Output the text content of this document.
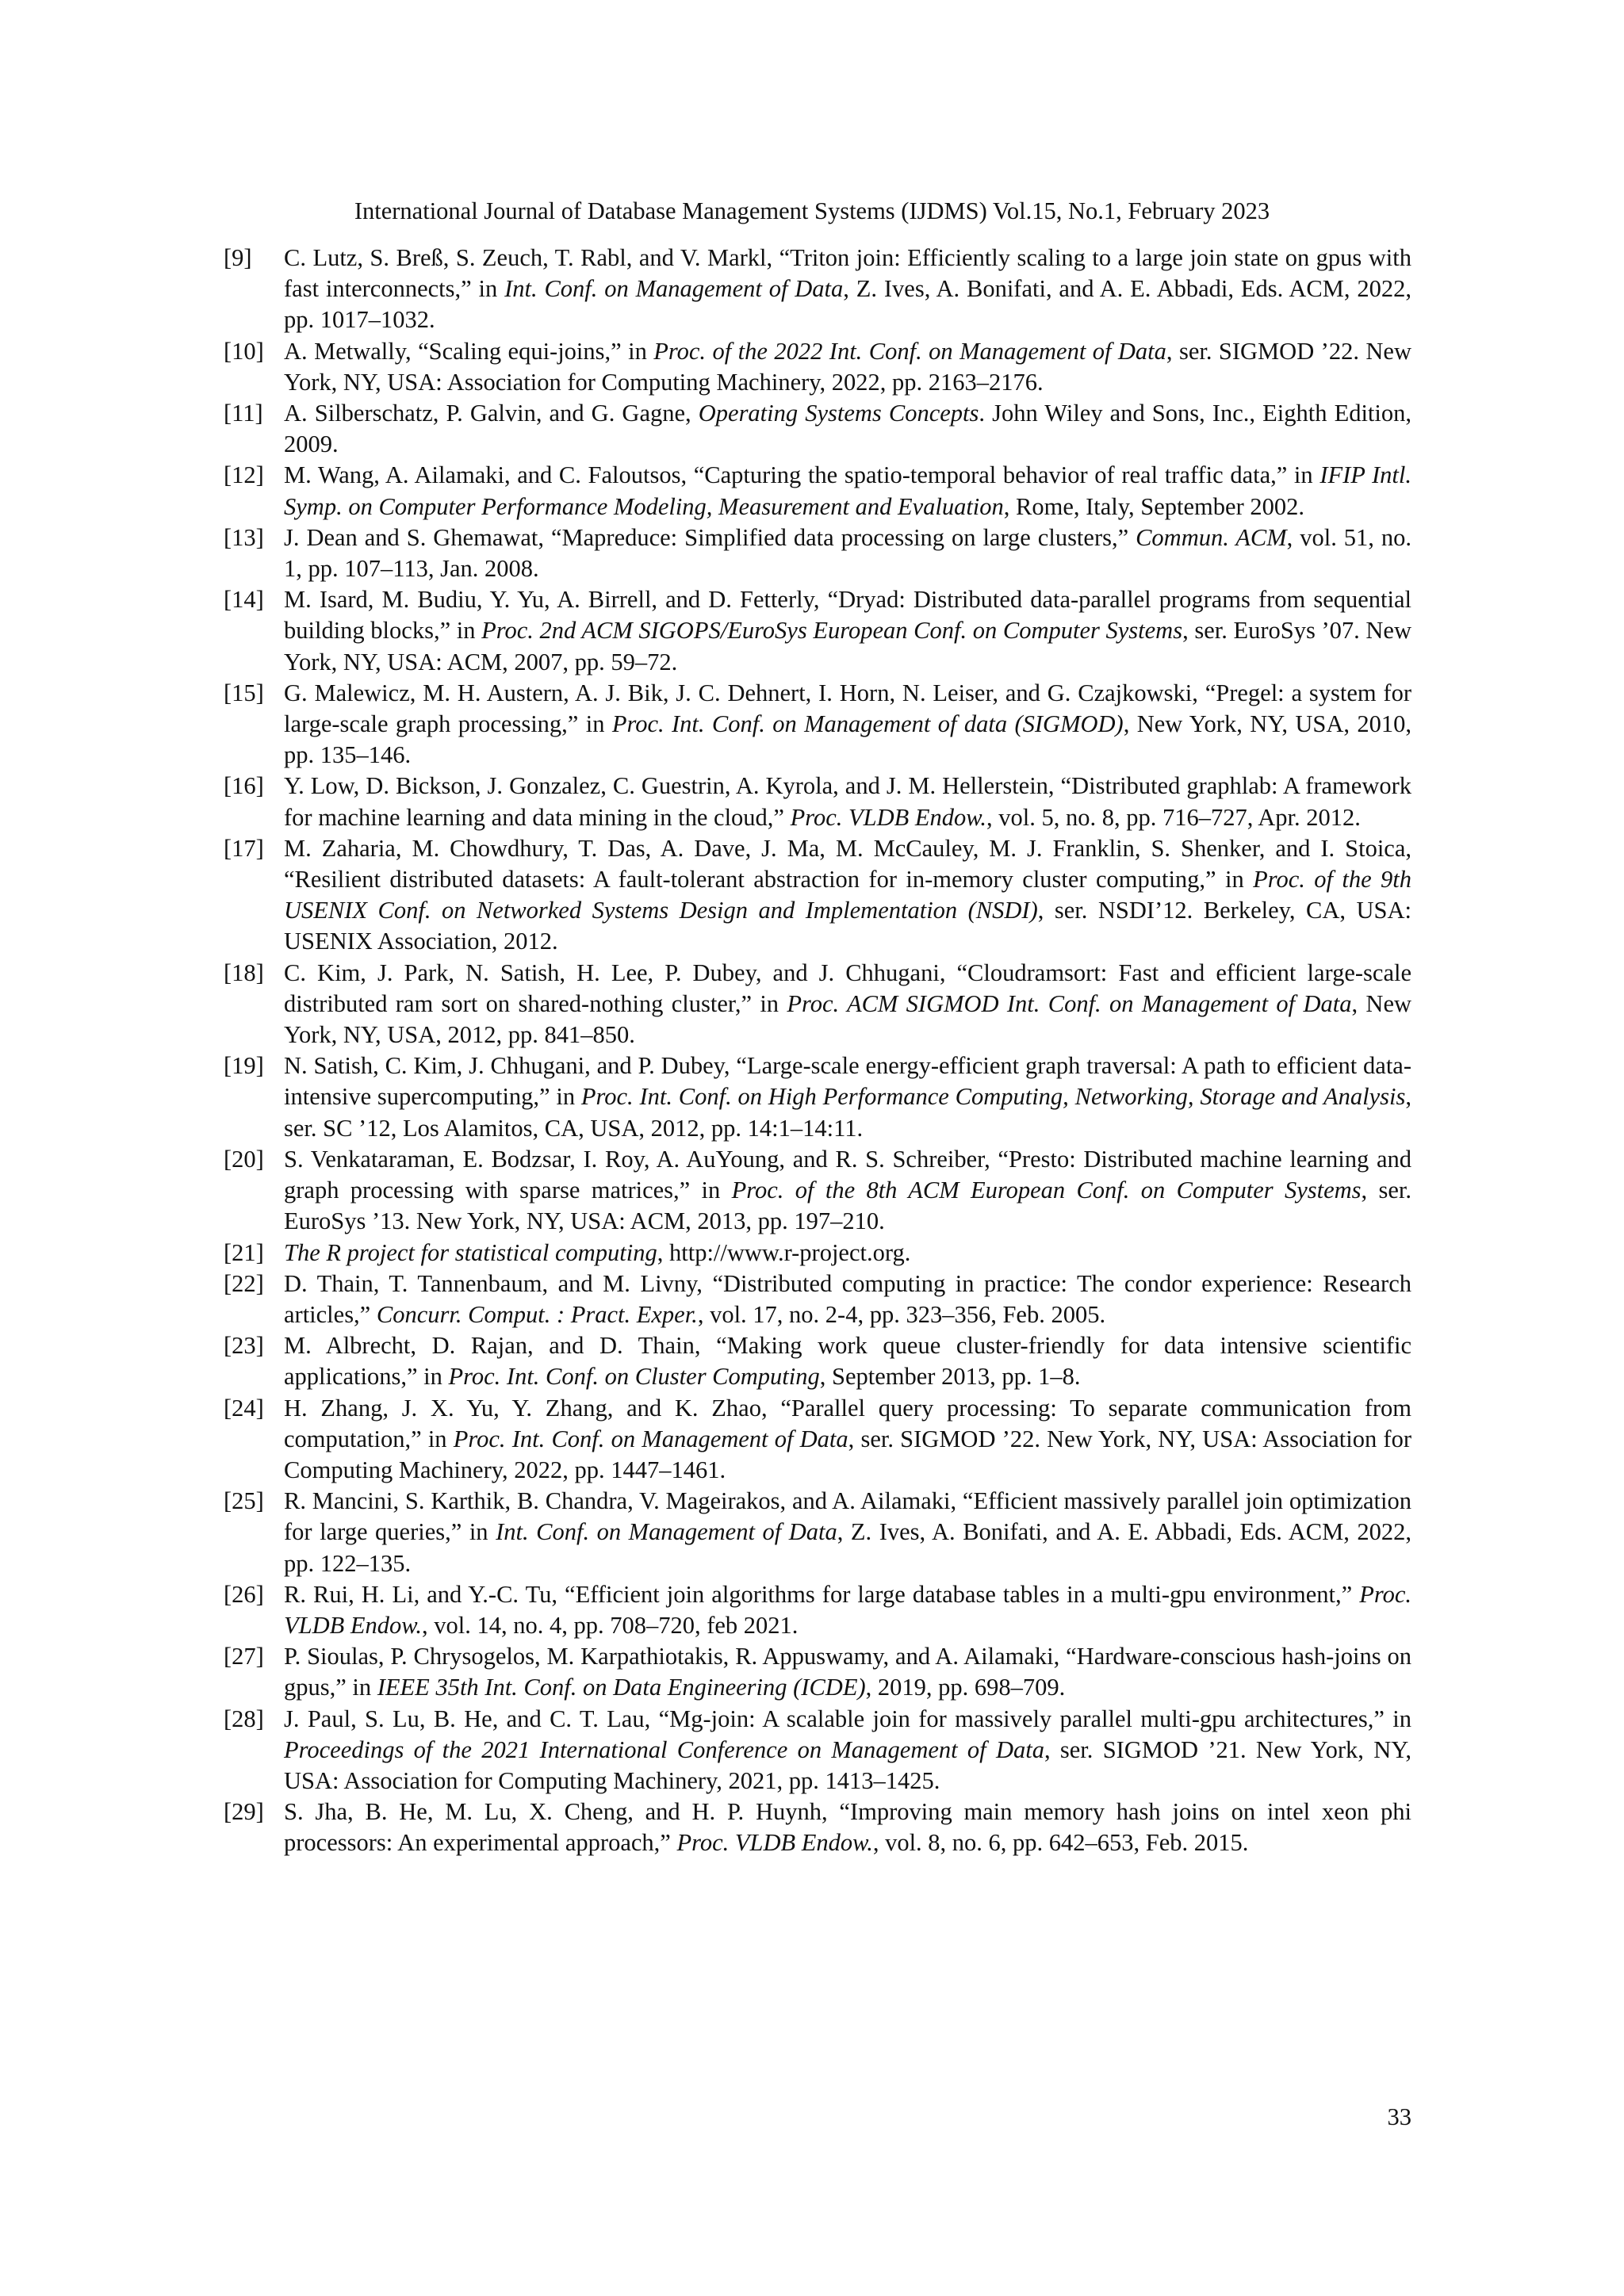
International Journal of Database Management Systems (IJDMS) Vol.15, No.1, February 2023
[9] C. Lutz, S. Breß, S. Zeuch, T. Rabl, and V. Markl, “Triton join: Efficiently scaling to a large join state on gpus with fast interconnects,” in Int. Conf. on Management of Data, Z. Ives, A. Bonifati, and A. E. Abbadi, Eds. ACM, 2022, pp. 1017–1032.
[10] A. Metwally, “Scaling equi-joins,” in Proc. of the 2022 Int. Conf. on Management of Data, ser. SIGMOD ’22. New York, NY, USA: Association for Computing Machinery, 2022, pp. 2163–2176.
[11] A. Silberschatz, P. Galvin, and G. Gagne, Operating Systems Concepts. John Wiley and Sons, Inc., Eighth Edition, 2009.
[12] M. Wang, A. Ailamaki, and C. Faloutsos, “Capturing the spatio-temporal behavior of real traffic data,” in IFIP Intl. Symp. on Computer Performance Modeling, Measurement and Evaluation, Rome, Italy, September 2002.
[13] J. Dean and S. Ghemawat, “Mapreduce: Simplified data processing on large clusters,” Commun. ACM, vol. 51, no. 1, pp. 107–113, Jan. 2008.
[14] M. Isard, M. Budiu, Y. Yu, A. Birrell, and D. Fetterly, “Dryad: Distributed data-parallel programs from sequential building blocks,” in Proc. 2nd ACM SIGOPS/EuroSys European Conf. on Computer Systems, ser. EuroSys ’07. New York, NY, USA: ACM, 2007, pp. 59–72.
[15] G. Malewicz, M. H. Austern, A. J. Bik, J. C. Dehnert, I. Horn, N. Leiser, and G. Czajkowski, “Pregel: a system for large-scale graph processing,” in Proc. Int. Conf. on Management of data (SIGMOD), New York, NY, USA, 2010, pp. 135–146.
[16] Y. Low, D. Bickson, J. Gonzalez, C. Guestrin, A. Kyrola, and J. M. Hellerstein, “Distributed graphlab: A framework for machine learning and data mining in the cloud,” Proc. VLDB Endow., vol. 5, no. 8, pp. 716–727, Apr. 2012.
[17] M. Zaharia, M. Chowdhury, T. Das, A. Dave, J. Ma, M. McCauley, M. J. Franklin, S. Shenker, and I. Stoica, “Resilient distributed datasets: A fault-tolerant abstraction for in-memory cluster computing,” in Proc. of the 9th USENIX Conf. on Networked Systems Design and Implementation (NSDI), ser. NSDI’12. Berkeley, CA, USA: USENIX Association, 2012.
[18] C. Kim, J. Park, N. Satish, H. Lee, P. Dubey, and J. Chhugani, “Cloudramsort: Fast and efficient large-scale distributed ram sort on shared-nothing cluster,” in Proc. ACM SIGMOD Int. Conf. on Management of Data, New York, NY, USA, 2012, pp. 841–850.
[19] N. Satish, C. Kim, J. Chhugani, and P. Dubey, “Large-scale energy-efficient graph traversal: A path to efficient data-intensive supercomputing,” in Proc. Int. Conf. on High Performance Computing, Networking, Storage and Analysis, ser. SC ’12, Los Alamitos, CA, USA, 2012, pp. 14:1–14:11.
[20] S. Venkataraman, E. Bodzsar, I. Roy, A. AuYoung, and R. S. Schreiber, “Presto: Distributed machine learning and graph processing with sparse matrices,” in Proc. of the 8th ACM European Conf. on Computer Systems, ser. EuroSys ’13. New York, NY, USA: ACM, 2013, pp. 197–210.
[21] The R project for statistical computing, http://www.r-project.org.
[22] D. Thain, T. Tannenbaum, and M. Livny, “Distributed computing in practice: The condor experience: Research articles,” Concurr. Comput. : Pract. Exper., vol. 17, no. 2-4, pp. 323–356, Feb. 2005.
[23] M. Albrecht, D. Rajan, and D. Thain, “Making work queue cluster-friendly for data intensive scientific applications,” in Proc. Int. Conf. on Cluster Computing, September 2013, pp. 1–8.
[24] H. Zhang, J. X. Yu, Y. Zhang, and K. Zhao, “Parallel query processing: To separate communication from computation,” in Proc. Int. Conf. on Management of Data, ser. SIGMOD ’22. New York, NY, USA: Association for Computing Machinery, 2022, pp. 1447–1461.
[25] R. Mancini, S. Karthik, B. Chandra, V. Mageirakos, and A. Ailamaki, “Efficient massively parallel join optimization for large queries,” in Int. Conf. on Management of Data, Z. Ives, A. Bonifati, and A. E. Abbadi, Eds. ACM, 2022, pp. 122–135.
[26] R. Rui, H. Li, and Y.-C. Tu, “Efficient join algorithms for large database tables in a multi-gpu environment,” Proc. VLDB Endow., vol. 14, no. 4, pp. 708–720, feb 2021.
[27] P. Sioulas, P. Chrysogelos, M. Karpathiotakis, R. Appuswamy, and A. Ailamaki, “Hardware-conscious hash-joins on gpus,” in IEEE 35th Int. Conf. on Data Engineering (ICDE), 2019, pp. 698–709.
[28] J. Paul, S. Lu, B. He, and C. T. Lau, “Mg-join: A scalable join for massively parallel multi-gpu architectures,” in Proceedings of the 2021 International Conference on Management of Data, ser. SIGMOD ’21. New York, NY, USA: Association for Computing Machinery, 2021, pp. 1413–1425.
[29] S. Jha, B. He, M. Lu, X. Cheng, and H. P. Huynh, “Improving main memory hash joins on intel xeon phi processors: An experimental approach,” Proc. VLDB Endow., vol. 8, no. 6, pp. 642–653, Feb. 2015.
33
